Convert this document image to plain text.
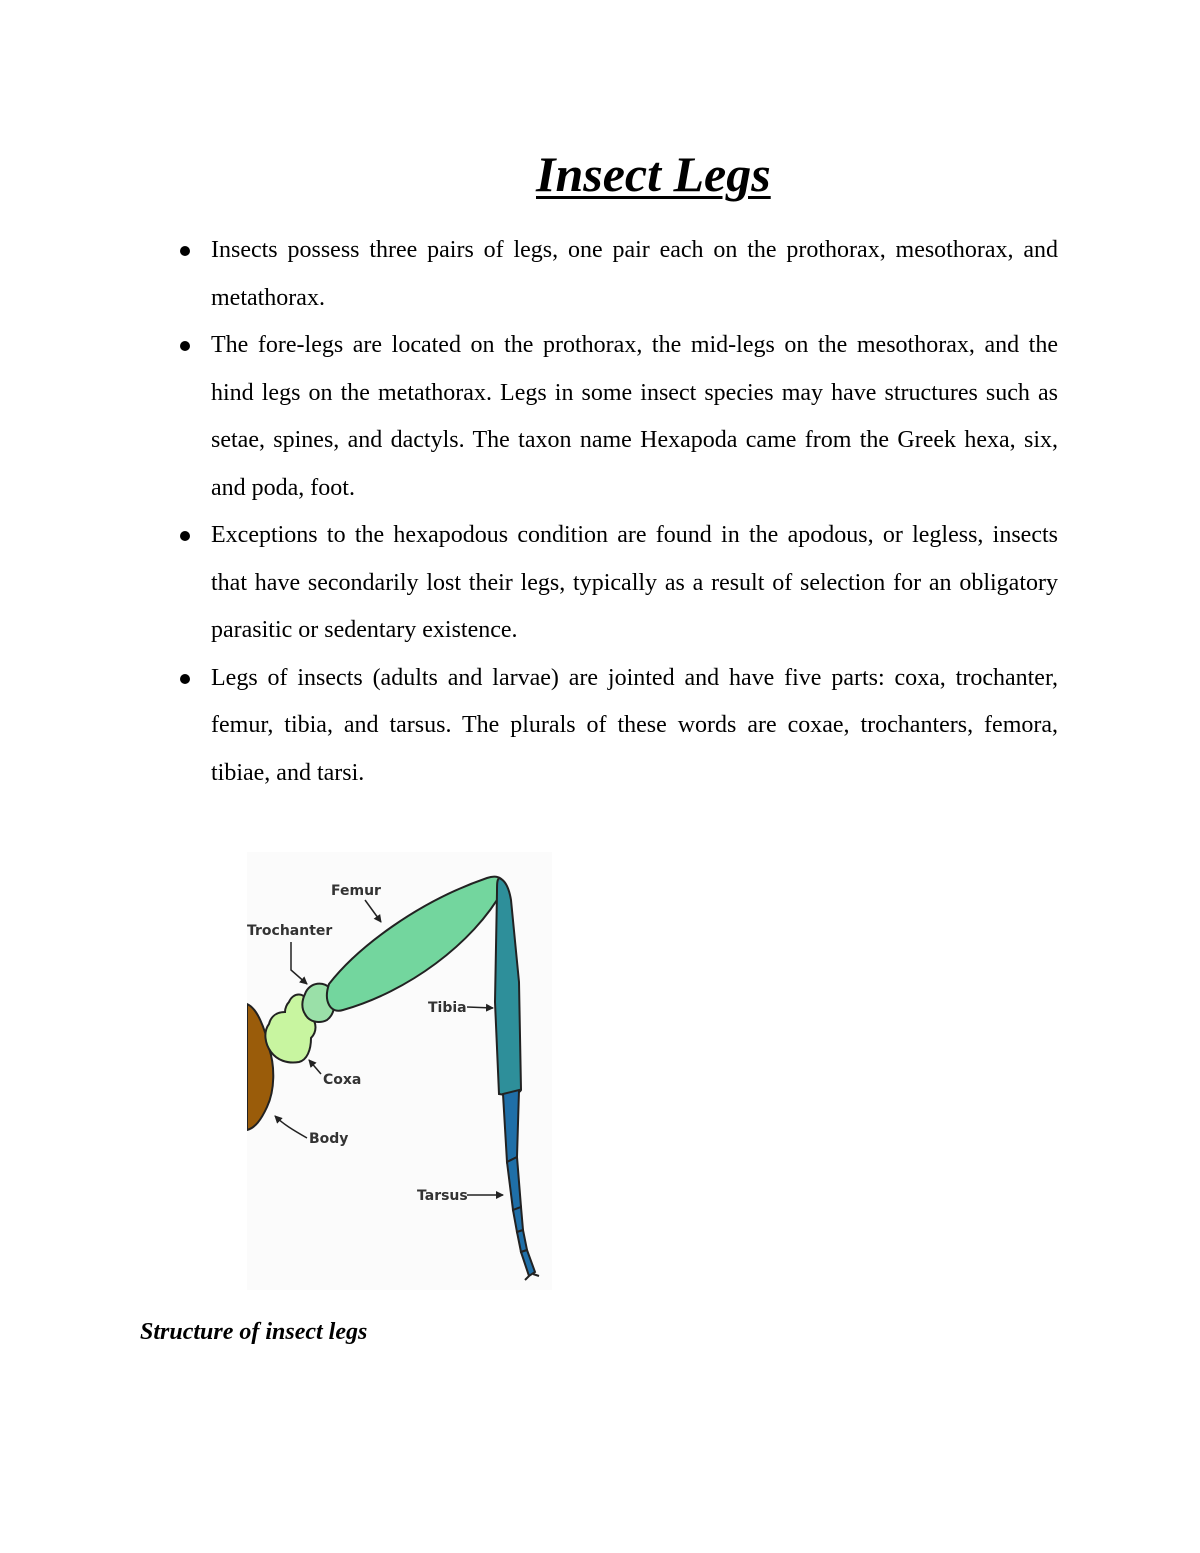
Insect Legs
Insects possess three pairs of legs, one pair each on the prothorax, mesothorax, and metathorax.
The fore-legs are located on the prothorax, the mid-legs on the mesothorax, and the hind legs on the metathorax. Legs in some insect species may have structures such as setae, spines, and dactyls. The taxon name Hexapoda came from the Greek hexa, six, and poda, foot.
Exceptions to the hexapodous condition are found in the apodous, or legless, insects that have secondarily lost their legs, typically as a result of selection for an obligatory parasitic or sedentary existence.
Legs of insects (adults and larvae) are jointed and have five parts: coxa, trochanter, femur, tibia, and tarsus. The plurals of these words are coxae, trochanters, femora, tibiae, and tarsi.
Femur
Trochanter
Tibia
Coxa
Body
Tarsus

Structure of insect legs
